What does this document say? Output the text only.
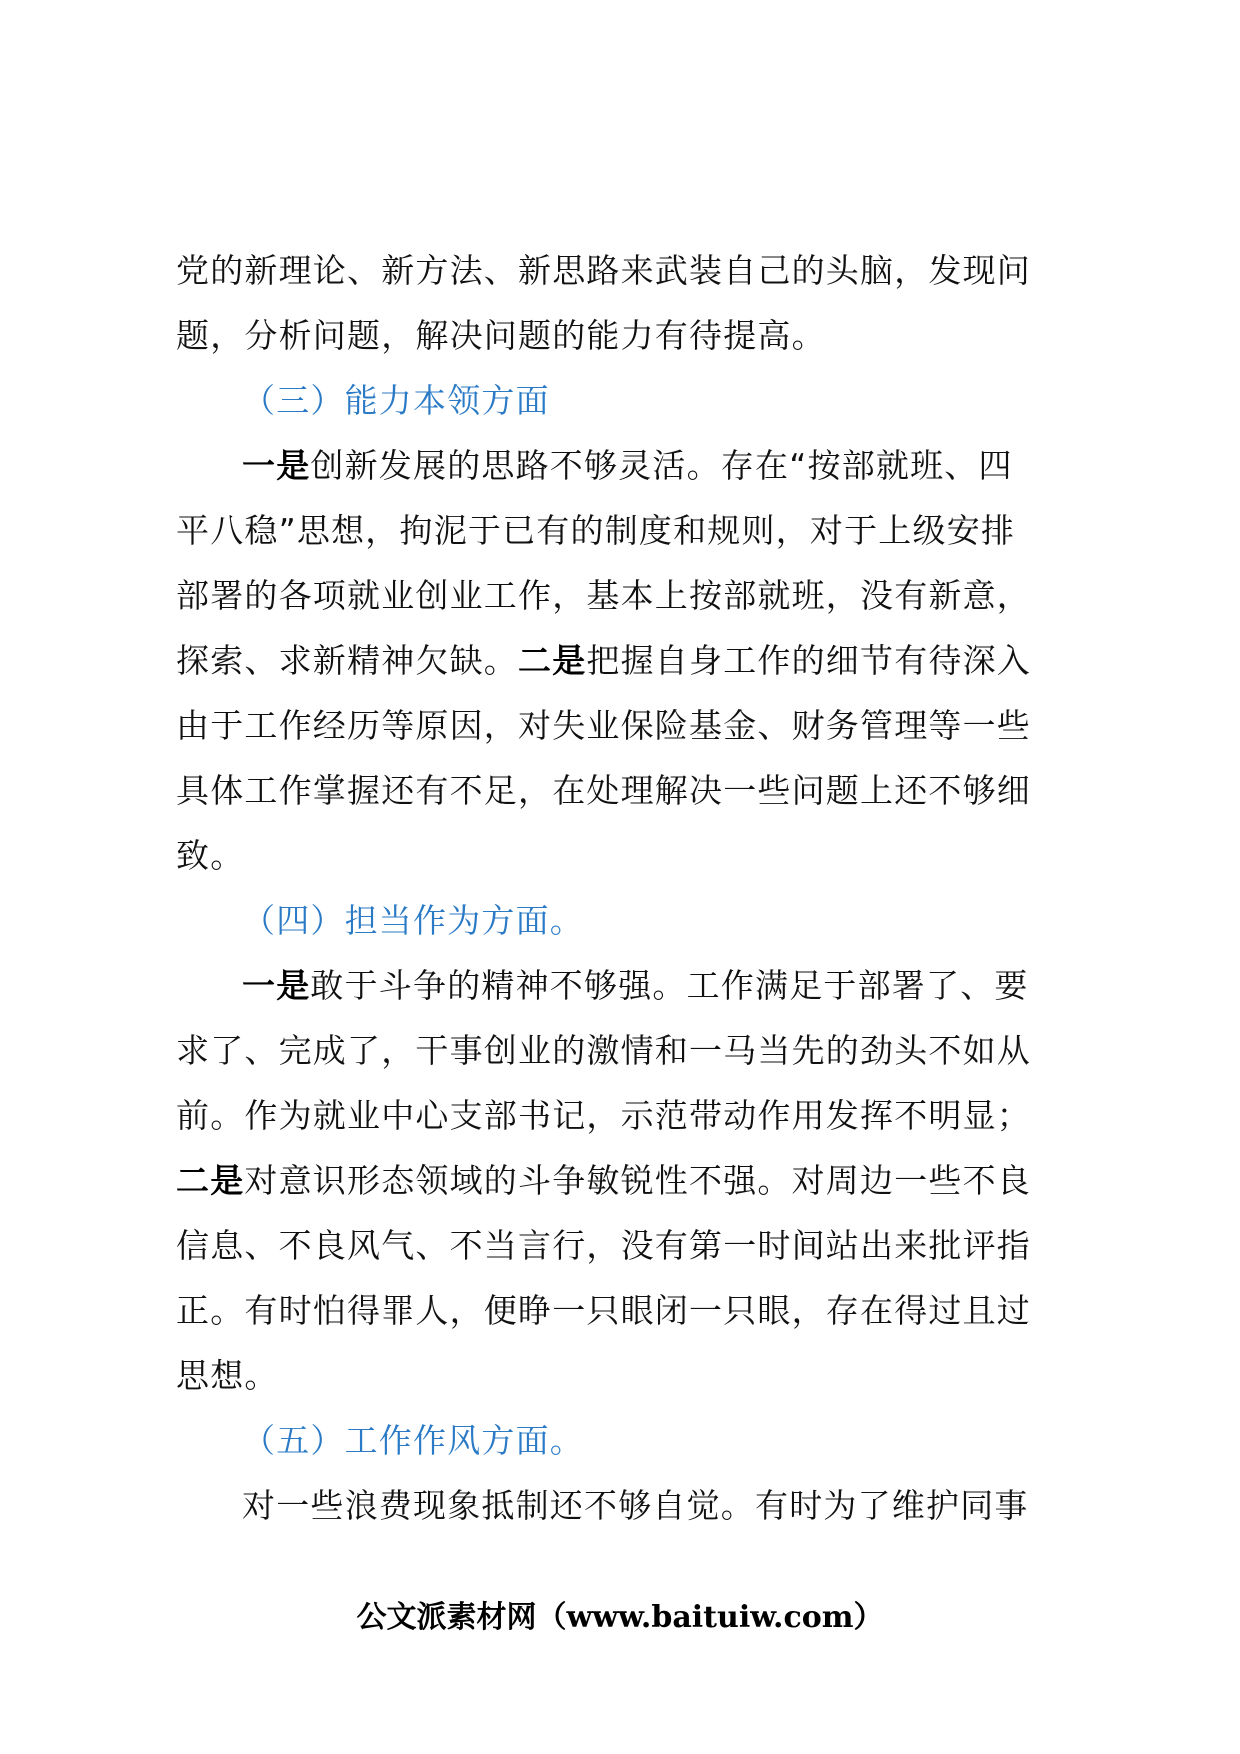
党的新理论、新方法、新思路来武装自己的头脑，发现问
题，分析问题，解决问题的能力有待提高。
（三）能力本领方面
一是创新发展的思路不够灵活。存在“按部就班、四
平八稳”思想，拘泥于已有的制度和规则，对于上级安排
部署的各项就业创业工作，基本上按部就班，没有新意，
探索、求新精神欠缺。二是把握自身工作的细节有待深入
由于工作经历等原因，对失业保险基金、财务管理等一些
具体工作掌握还有不足，在处理解决一些问题上还不够细
致。
（四）担当作为方面。
一是敢于斗争的精神不够强。工作满足于部署了、要
求了、完成了，干事创业的激情和一马当先的劲头不如从
前。作为就业中心支部书记，示范带动作用发挥不明显；
二是对意识形态领域的斗争敏锐性不强。对周边一些不良
信息、不良风气、不当言行，没有第一时间站出来批评指
正。有时怕得罪人，便睁一只眼闭一只眼，存在得过且过
思想。
（五）工作作风方面。
对一些浪费现象抵制还不够自觉。有时为了维护同事
公文派素材网（www.baituiw.com）
